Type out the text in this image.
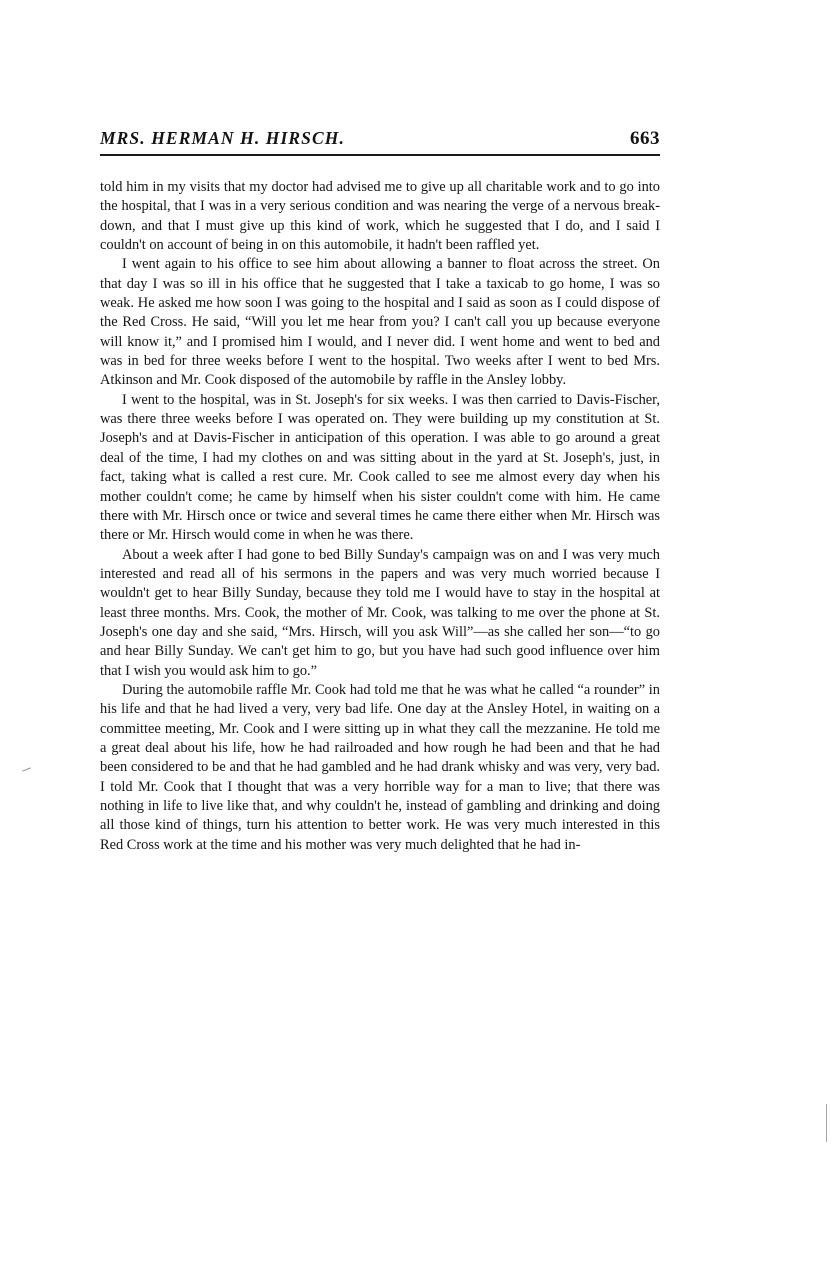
MRS. HERMAN H. HIRSCH.	663

told him in my visits that my doctor had advised me to give up all charitable work and to go into the hospital, that I was in a very serious condition and was nearing the verge of a nervous break-down, and that I must give up this kind of work, which he suggested that I do, and I said I couldn't on account of being in on this automobile, it hadn't been raffled yet.

I went again to his office to see him about allowing a banner to float across the street. On that day I was so ill in his office that he suggested that I take a taxicab to go home, I was so weak. He asked me how soon I was going to the hospital and I said as soon as I could dispose of the Red Cross. He said, “Will you let me hear from you? I can't call you up because everyone will know it,” and I promised him I would, and I never did. I went home and went to bed and was in bed for three weeks before I went to the hospital. Two weeks after I went to bed Mrs. Atkinson and Mr. Cook disposed of the automobile by raffle in the Ansley lobby.

I went to the hospital, was in St. Joseph's for six weeks. I was then carried to Davis-Fischer, was there three weeks before I was operated on. They were building up my constitution at St. Joseph's and at Davis-Fischer in anticipation of this operation. I was able to go around a great deal of the time, I had my clothes on and was sitting about in the yard at St. Joseph's, just, in fact, taking what is called a rest cure. Mr. Cook called to see me almost every day when his mother couldn't come; he came by himself when his sister couldn't come with him. He came there with Mr. Hirsch once or twice and several times he came there either when Mr. Hirsch was there or Mr. Hirsch would come in when he was there.

About a week after I had gone to bed Billy Sunday's campaign was on and I was very much interested and read all of his sermons in the papers and was very much worried because I wouldn't get to hear Billy Sunday, because they told me I would have to stay in the hospital at least three months. Mrs. Cook, the mother of Mr. Cook, was talking to me over the phone at St. Joseph's one day and she said, “Mrs. Hirsch, will you ask Will”—as she called her son—“to go and hear Billy Sunday. We can't get him to go, but you have had such good influence over him that I wish you would ask him to go.”

During the automobile raffle Mr. Cook had told me that he was what he called “a rounder” in his life and that he had lived a very, very bad life. One day at the Ansley Hotel, in waiting on a committee meeting, Mr. Cook and I were sitting up in what they call the mezzanine. He told me a great deal about his life, how he had railroaded and how rough he had been and that he had been considered to be and that he had gambled and he had drank whisky and was very, very bad. I told Mr. Cook that I thought that was a very horrible way for a man to live; that there was nothing in life to live like that, and why couldn't he, instead of gambling and drinking and doing all those kind of things, turn his attention to better work. He was very much interested in this Red Cross work at the time and his mother was very much delighted that he had in-
